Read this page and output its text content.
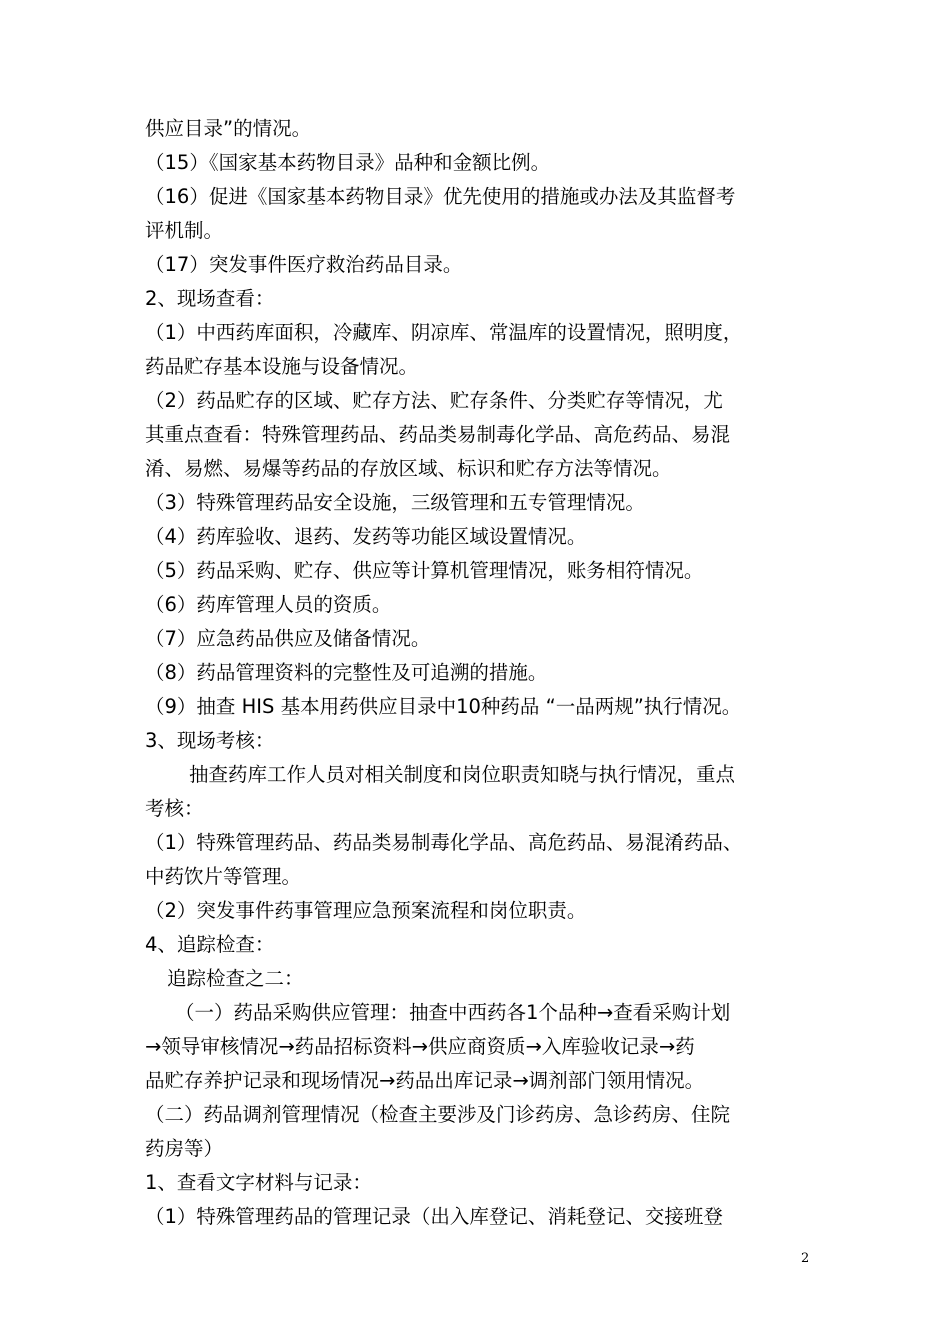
供应目录”的情况。
（15）《国家基本药物目录》品种和金额比例。
（16）促进《国家基本药物目录》优先使用的措施或办法及其监督考
评机制。
（17）突发事件医疗救治药品目录。
2、现场查看：
（1）中西药库面积，冷藏库、阴凉库、常温库的设置情况，照明度，
药品贮存基本设施与设备情况。
（2）药品贮存的区域、贮存方法、贮存条件、分类贮存等情况，尤
其重点查看：特殊管理药品、药品类易制毒化学品、高危药品、易混
淆、易燃、易爆等药品的存放区域、标识和贮存方法等情况。
（3）特殊管理药品安全设施，三级管理和五专管理情况。
（4）药库验收、退药、发药等功能区域设置情况。
（5）药品采购、贮存、供应等计算机管理情况，账务相符情况。
（6）药库管理人员的资质。
（7）应急药品供应及储备情况。
（8）药品管理资料的完整性及可追溯的措施。
（9）抽查 HIS 基本用药供应目录中10种药品 “一品两规”执行情况。
3、现场考核：
抽查药库工作人员对相关制度和岗位职责知晓与执行情况，重点
考核：
（1）特殊管理药品、药品类易制毒化学品、高危药品、易混淆药品、
中药饮片等管理。
（2）突发事件药事管理应急预案流程和岗位职责。
4、追踪检查：
追踪检查之二：
（一）药品采购供应管理：抽查中西药各1个品种→查看采购计划
→领导审核情况→药品招标资料→供应商资质→入库验收记录→药
品贮存养护记录和现场情况→药品出库记录→调剂部门领用情况。
（二）药品调剂管理情况（检查主要涉及门诊药房、急诊药房、住院
药房等）
1、查看文字材料与记录：
（1）特殊管理药品的管理记录（出入库登记、消耗登记、交接班登
2
